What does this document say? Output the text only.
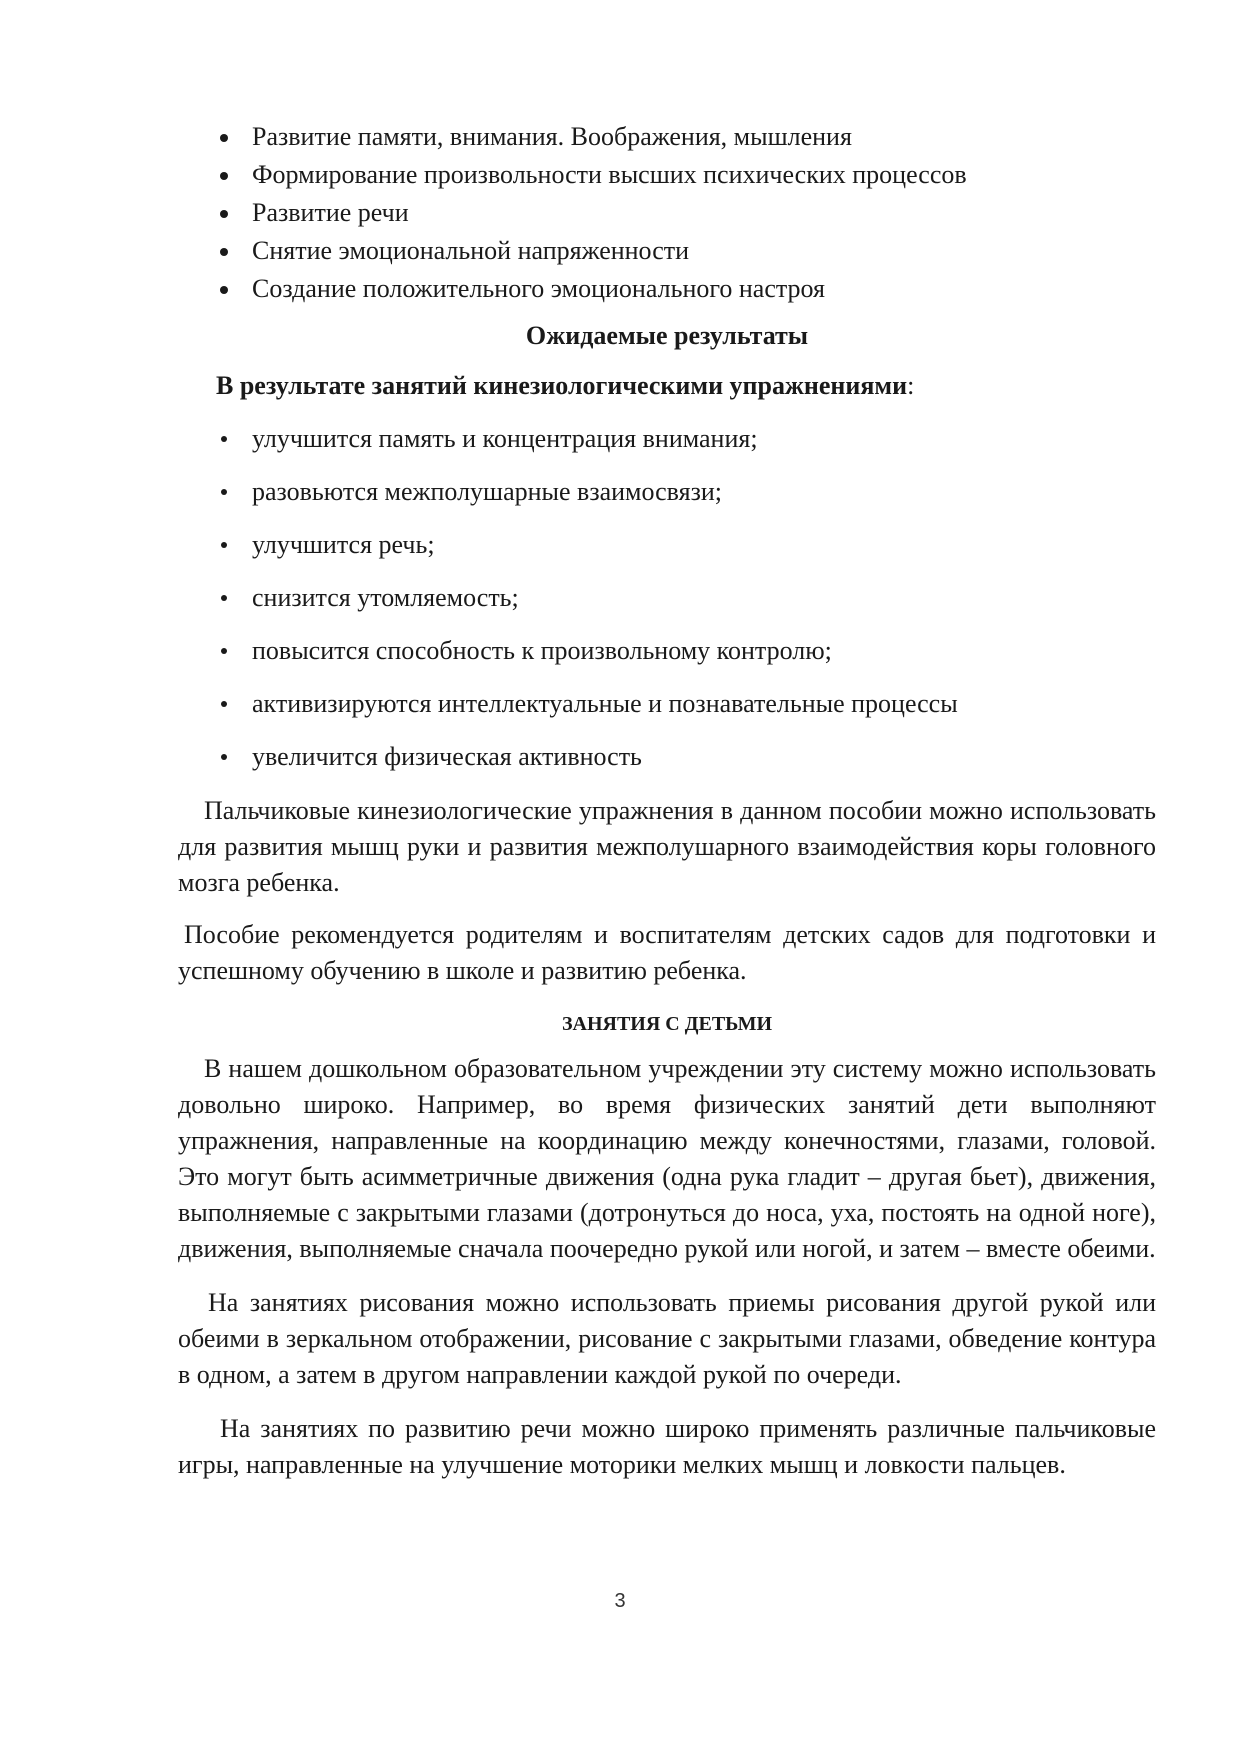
Развитие памяти, внимания. Воображения, мышления
Формирование произвольности высших психических процессов
Развитие речи
Снятие эмоциональной напряженности
Создание положительного эмоционального настроя
Ожидаемые результаты
В результате занятий кинезиологическими упражнениями:
улучшится память и концентрация внимания;
разовьются межполушарные взаимосвязи;
улучшится речь;
снизится утомляемость;
повысится способность к произвольному контролю;
активизируются интеллектуальные и познавательные процессы
увеличится физическая активность

Пальчиковые кинезиологические упражнения в данном пособии можно использовать для развития мышц руки и развития межполушарного взаимодействия коры головного мозга ребенка.

Пособие рекомендуется родителям и воспитателям детских садов для подготовки и успешному обучению в школе и развитию ребенка.

ЗАНЯТИЯ С ДЕТЬМИ

В нашем дошкольном образовательном учреждении эту систему можно использовать довольно широко. Например, во время физических занятий дети выполняют упражнения, направленные на координацию между конечностями, глазами, головой. Это могут быть асимметричные движения (одна рука гладит – другая бьет), движения, выполняемые с закрытыми глазами (дотронуться до носа, уха, постоять на одной ноге), движения, выполняемые сначала поочередно рукой или ногой, и затем – вместе обеими.

На занятиях рисования можно использовать приемы рисования другой рукой или обеими в зеркальном отображении, рисование с закрытыми глазами, обведение контура в одном, а затем в другом направлении каждой рукой по очереди.

На занятиях по развитию речи можно широко применять различные пальчиковые игры, направленные на улучшение моторики мелких мышц и ловкости пальцев.

3
